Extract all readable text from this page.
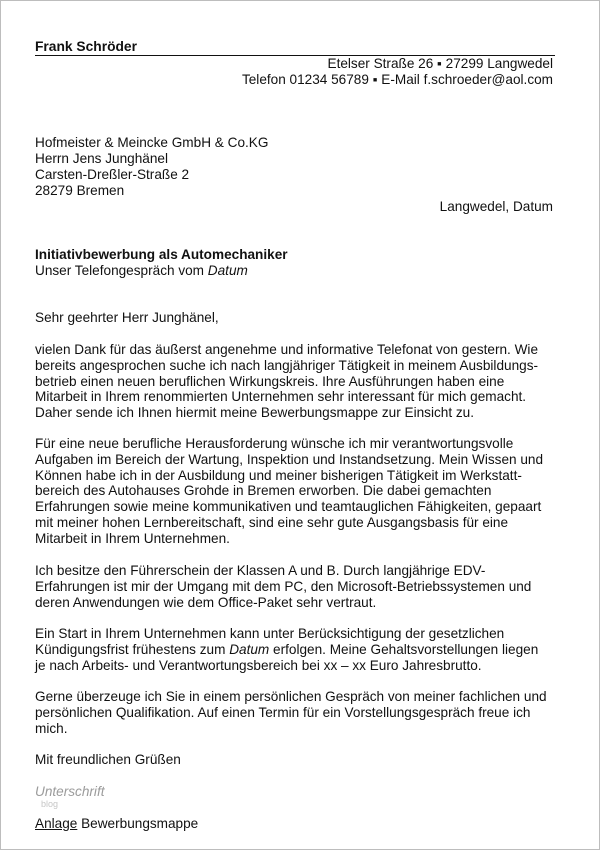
Frank Schröder
Etelser Straße 26 ▪ 27299 Langwedel
Telefon 01234 56789 ▪ E-Mail f.schroeder@aol.com
Hofmeister & Meincke GmbH & Co.KG
Herrn Jens Junghänel
Carsten-Dreßler-Straße 2
28279 Bremen
Langwedel, Datum
Initiativbewerbung als Automechaniker
Unser Telefongespräch vom Datum
Sehr geehrter Herr Junghänel,
vielen Dank für das äußerst angenehme und informative Telefonat von gestern. Wie
bereits angesprochen suche ich nach langjähriger Tätigkeit in meinem Ausbildungs-
betrieb einen neuen beruflichen Wirkungskreis. Ihre Ausführungen haben eine
Mitarbeit in Ihrem renommierten Unternehmen sehr interessant für mich gemacht.
Daher sende ich Ihnen hiermit meine Bewerbungsmappe zur Einsicht zu.
Für eine neue berufliche Herausforderung wünsche ich mir verantwortungsvolle
Aufgaben im Bereich der Wartung, Inspektion und Instandsetzung. Mein Wissen und
Können habe ich in der Ausbildung und meiner bisherigen Tätigkeit im Werkstatt-
bereich des Autohauses Grohde in Bremen erworben. Die dabei gemachten
Erfahrungen sowie meine kommunikativen und teamtauglichen Fähigkeiten, gepaart
mit meiner hohen Lernbereitschaft, sind eine sehr gute Ausgangsbasis für eine
Mitarbeit in Ihrem Unternehmen.
Ich besitze den Führerschein der Klassen A und B. Durch langjährige EDV-
Erfahrungen ist mir der Umgang mit dem PC, den Microsoft-Betriebssystemen und
deren Anwendungen wie dem Office-Paket sehr vertraut.
Ein Start in Ihrem Unternehmen kann unter Berücksichtigung der gesetzlichen
Kündigungsfrist frühestens zum Datum erfolgen. Meine Gehaltsvorstellungen liegen
je nach Arbeits- und Verantwortungsbereich bei xx – xx Euro Jahresbrutto.
Gerne überzeuge ich Sie in einem persönlichen Gespräch von meiner fachlichen und
persönlichen Qualifikation. Auf einen Termin für ein Vorstellungsgespräch freue ich
mich.
Mit freundlichen Grüßen
Unterschrift
blog
Anlage Bewerbungsmappe
